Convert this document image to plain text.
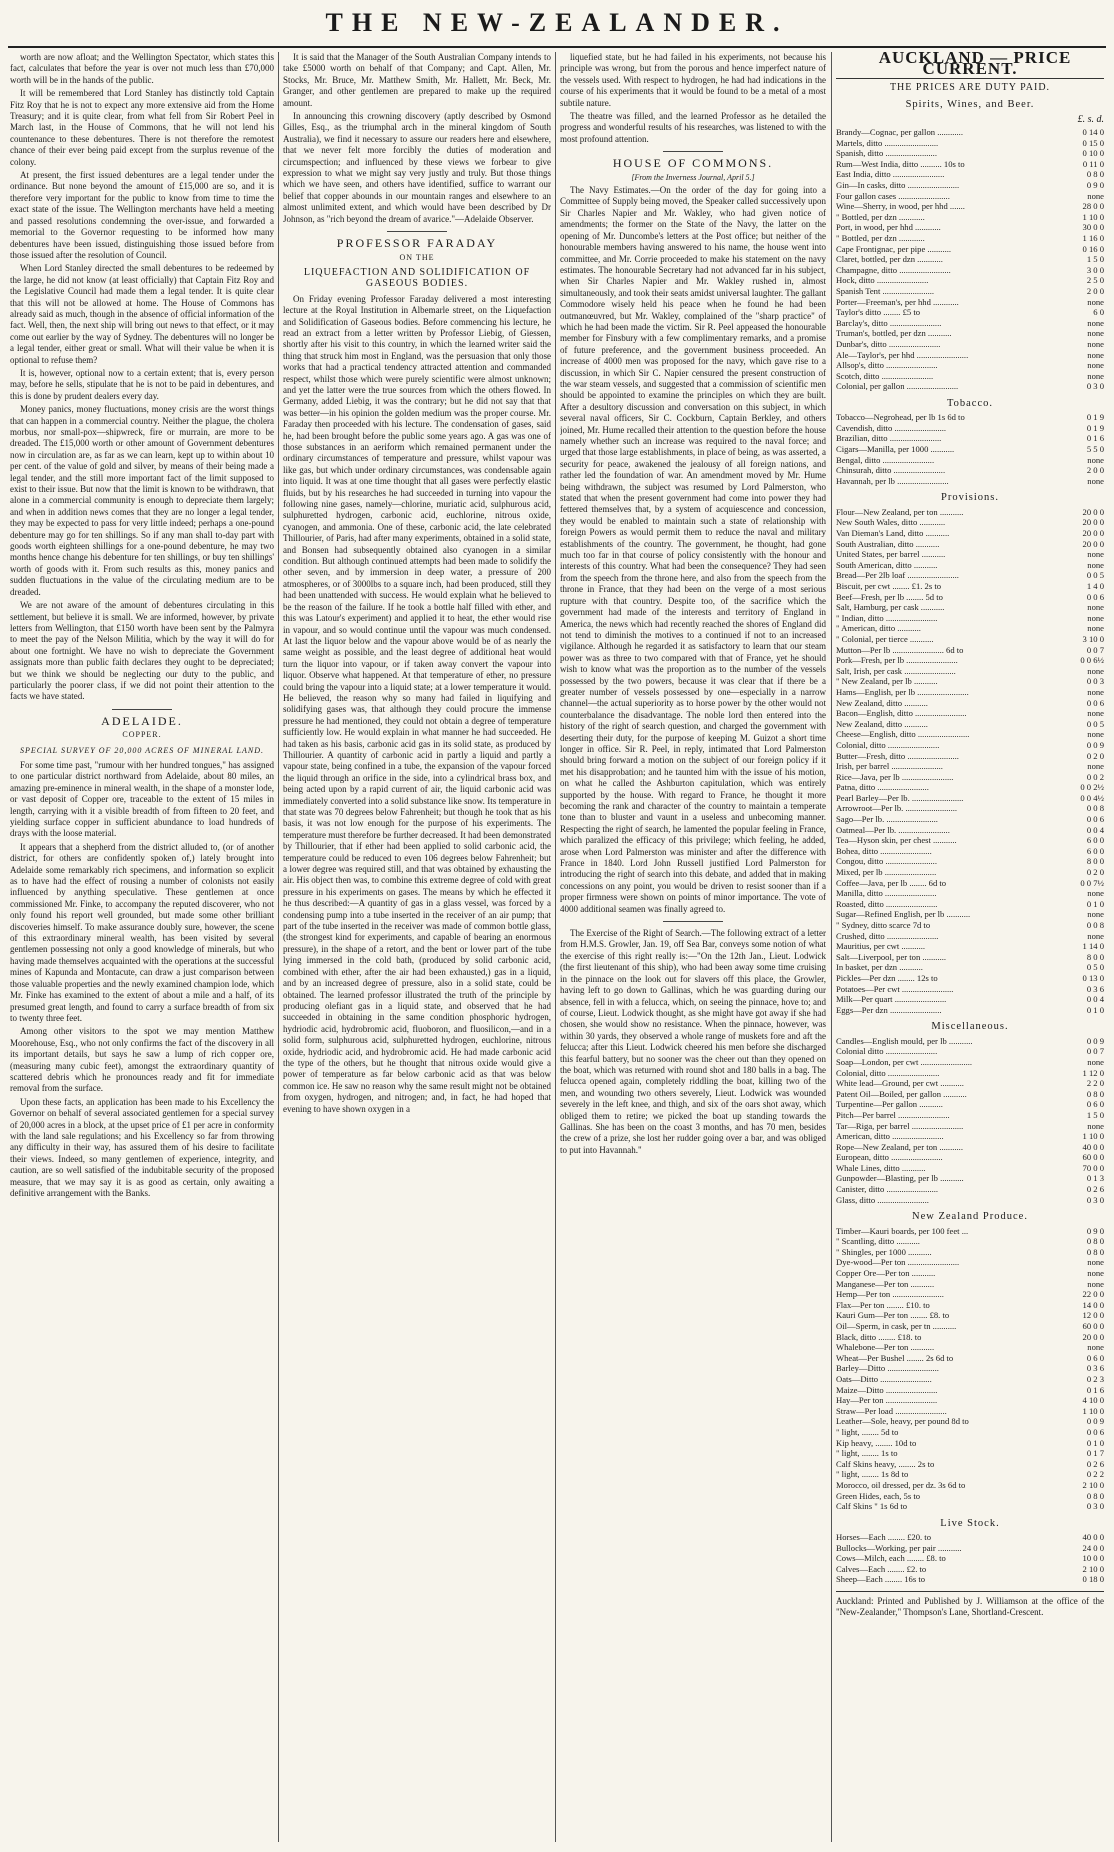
THE NEW-ZEALANDER.

worth are now afloat; and the Wellington Spectator, which states this fact, calculates that before the year is over not much less than £70,000 worth will be in the hands of the public.

It will be remembered that Lord Stanley has distinctly told Captain Fitz Roy that he is not to expect any more extensive aid from the Home Treasury; and it is quite clear, from what fell from Sir Robert Peel in March last, in the House of Commons, that he will not lend his countenance to these debentures. There is not therefore the remotest chance of their ever being paid except from the surplus revenue of the colony.

At present, the first issued debentures are a legal tender under the ordinance. But none beyond the amount of £15,000 are so, and it is therefore very important for the public to know from time to time the exact state of the issue. The Wellington merchants have held a meeting and passed resolutions condemning the over-issue, and forwarded a memorial to the Governor requesting to be informed how many debentures have been issued, distinguishing those issued before from those issued after the resolution of Council.

When Lord Stanley directed the small debentures to be redeemed by the large, he did not know (at least officially) that Captain Fitz Roy and the Legislative Council had made them a legal tender. It is quite clear that this will not be allowed at home. The House of Commons has already said as much, though in the absence of official information of the fact. Well, then, the next ship will bring out news to that effect, or it may come out earlier by the way of Sydney. The debentures will no longer be a legal tender, either great or small. What will their value be when it is optional to refuse them?

It is, however, optional now to a certain extent; that is, every person may, before he sells, stipulate that he is not to be paid in debentures, and this is done by prudent dealers every day.

Money panics, money fluctuations, money crisis are the worst things that can happen in a commercial country. Neither the plague, the cholera morbus, nor small-pox—shipwreck, fire or murrain, are more to be dreaded. The £15,000 worth or other amount of Government debentures now in circulation are, as far as we can learn, kept up to within about 10 per cent. of the value of gold and silver, by means of their being made a legal tender, and the still more important fact of the limit supposed to exist to their issue. But now that the limit is known to be withdrawn, that alone in a commercial community is enough to depreciate them largely; and when in addition news comes that they are no longer a legal tender, they may be expected to pass for very little indeed; perhaps a one-pound debenture may go for ten shillings. So if any man shall to-day part with goods worth eighteen shillings for a one-pound debenture, he may two months hence change his debenture for ten shillings, or buy ten shillings' worth of goods with it. From such results as this, money panics and sudden fluctuations in the value of the circulating medium are to be dreaded.

We are not aware of the amount of debentures circulating in this settlement, but believe it is small. We are informed, however, by private letters from Wellington, that £150 worth have been sent by the Palmyra to meet the pay of the Nelson Militia, which by the way it will do for about one fortnight. We have no wish to depreciate the Government assignats more than public faith declares they ought to be depreciated; but we think we should be neglecting our duty to the public, and particularly the poorer class, if we did not point their attention to the facts we have stated.

ADELAIDE.

COPPER.
SPECIAL SURVEY OF 20,000 ACRES OF MINERAL LAND.

For some time past, "rumour with her hundred tongues," has assigned to one particular district northward from Adelaide, about 80 miles, an amazing pre-eminence in mineral wealth, in the shape of a monster lode, or vast deposit of Copper ore, traceable to the extent of 15 miles in length, carrying with it a visible breadth of from fifteen to 20 feet, and yielding surface copper in sufficient abundance to load hundreds of drays with the loose material.

It appears that a shepherd from the district alluded to, (or of another district, for others are confidently spoken of,) lately brought into Adelaide some remarkably rich specimens, and information so explicit as to have had the effect of rousing a number of colonists not easily influenced by anything speculative. These gentlemen at once commissioned Mr. Finke, to accompany the reputed discoverer, who not only found his report well grounded, but made some other brilliant discoveries himself. To make assurance doubly sure, however, the scene of this extraordinary mineral wealth, has been visited by several gentlemen possessing not only a good knowledge of minerals, but who having made themselves acquainted with the operations at the successful mines of Kapunda and Montacute, can draw a just comparison between those valuable properties and the newly examined champion lode, which Mr. Finke has examined to the extent of about a mile and a half, of its presumed great length, and found to carry a surface breadth of from six to twenty three feet.

Among other visitors to the spot we may mention Matthew Moorehouse, Esq., who not only confirms the fact of the discovery in all its important details, but says he saw a lump of rich copper ore, (measuring many cubic feet), amongst the extraordinary quantity of scattered debris which he pronounces ready and fit for immediate removal from the surface.

Upon these facts, an application has been made to his Excellency the Governor on behalf of several associated gentlemen for a special survey of 20,000 acres in a block, at the upset price of £1 per acre in conformity with the land sale regulations; and his Excellency so far from throwing any difficulty in their way, has assured them of his desire to facilitate their views. Indeed, so many gentlemen of experience, integrity, and caution, are so well satisfied of the indubitable security of the proposed measure, that we may say it is as good as certain, only awaiting a definitive arrangement with the Banks.

It is said that the Manager of the South Australian Company intends to take £5000 worth on behalf of that Company; and Capt. Allen, Mr. Stocks, Mr. Bruce, Mr. Matthew Smith, Mr. Hallett, Mr. Beck, Mr. Granger, and other gentlemen are prepared to make up the required amount.

In announcing this crowning discovery (aptly described by Osmond Gilles, Esq., as the triumphal arch in the mineral kingdom of South Australia), we find it necessary to assure our readers here and elsewhere, that we never felt more forcibly the duties of moderation and circumspection; and influenced by these views we forbear to give expression to what we might say very justly and truly. But those things which we have seen, and others have identified, suffice to warrant our belief that copper abounds in our mountain ranges and elsewhere to an almost unlimited extent, and which would have been described by Dr Johnson, as "rich beyond the dream of avarice."—Adelaide Observer.

PROFESSOR FARADAY

ON THE
LIQUEFACTION AND SOLIDIFICATION OF GASEOUS BODIES.

On Friday evening Professor Faraday delivered a most interesting lecture at the Royal Institution in Albemarle street, on the Liquefaction and Solidification of Gaseous bodies. Before commencing his lecture, he read an extract from a letter written by Professor Liebig, of Giessen, shortly after his visit to this country, in which the learned writer said the thing that struck him most in England, was the persuasion that only those works that had a practical tendency attracted attention and commanded respect, whilst those which were purely scientific were almost unknown; and yet the latter were the true sources from which the others flowed. In Germany, added Liebig, it was the contrary; but he did not say that that was better—in his opinion the golden medium was the proper course. Mr. Faraday then proceeded with his lecture. The condensation of gases, said he, had been brought before the public some years ago. A gas was one of those substances in an aeriform which remained permanent under the ordinary circumstances of temperature and pressure, whilst vapour was like gas, but which under ordinary circumstances, was condensable again into liquid. It was at one time thought that all gases were perfectly elastic fluids, but by his researches he had succeeded in turning into vapour the following nine gases, namely—chlorine, muriatic acid, sulphurous acid, sulphuretted hydrogen, carbonic acid, euchlorine, nitrous oxide, cyanogen, and ammonia. One of these, carbonic acid, the late celebrated Thillourier, of Paris, had after many experiments, obtained in a solid state, and Bonsen had subsequently obtained also cyanogen in a similar condition. But although continued attempts had been made to solidify the other seven, and by immersion in deep water, a pressure of 200 atmospheres, or of 3000lbs to a square inch, had been produced, still they had been unattended with success. He would explain what he believed to be the reason of the failure. If he took a bottle half filled with ether, and this was Latour's experiment) and applied it to heat, the ether would rise in vapour, and so would continue until the vapour was much condensed. At last the liquor below and the vapour above would be of as nearly the same weight as possible, and the least degree of additional heat would turn the liquor into vapour, or if taken away convert the vapour into liquor. Observe what happened. At that temperature of ether, no pressure could bring the vapour into a liquid state; at a lower temperature it would. He believed, the reason why so many had failed in liquifying and solidifying gases was, that although they could procure the immense pressure he had mentioned, they could not obtain a degree of temperature sufficiently low. He would explain in what manner he had succeeded. He had taken as his basis, carbonic acid gas in its solid state, as produced by Thillourier. A quantity of carbonic acid in partly a liquid and partly a vapour state, being confined in a tube, the expansion of the vapour forced the liquid through an orifice in the side, into a cylindrical brass box, and being acted upon by a rapid current of air, the liquid carbonic acid was immediately converted into a solid substance like snow. Its temperature in that state was 70 degrees below Fahrenheit; but though he took that as his basis, it was not low enough for the purpose of his experiments. The temperature must therefore be further decreased. It had been demonstrated by Thillourier, that if ether had been applied to solid carbonic acid, the temperature could be reduced to even 106 degrees below Fahrenheit; but a lower degree was required still, and that was obtained by exhausting the air. His object then was, to combine this extreme degree of cold with great pressure in his experiments on gases. The means by which he effected it he thus described:—A quantity of gas in a glass vessel, was forced by a condensing pump into a tube inserted in the receiver of an air pump; that part of the tube inserted in the receiver was made of common bottle glass, (the strongest kind for experiments, and capable of bearing an enormous pressure), in the shape of a retort, and the bent or lower part of the tube lying immersed in the cold bath, (produced by solid carbonic acid, combined with ether, after the air had been exhausted,) gas in a liquid, and by an increased degree of pressure, also in a solid state, could be obtained. The learned professor illustrated the truth of the principle by producing olefiant gas in a liquid state, and observed that he had succeeded in obtaining in the same condition phosphoric hydrogen, hydriodic acid, hydrobromic acid, fluoboron, and fluosilicon,—and in a solid form, sulphurous acid, sulphuretted hydrogen, euchlorine, nitrous oxide, hydriodic acid, and hydrobromic acid. He had made carbonic acid the type of the others, but he thought that nitrous oxide would give a power of temperature as far below carbonic acid as that was below common ice. He saw no reason why the same result might not be obtained from oxygen, hydrogen, and nitrogen; and, in fact, he had hoped that evening to have shown oxygen in a

liquefied state, but he had failed in his experiments, not because his principle was wrong, but from the porous and hence imperfect nature of the vessels used. With respect to hydrogen, he had had indications in the course of his experiments that it would be found to be a metal of a most subtile nature.

The theatre was filled, and the learned Professor as he detailed the progress and wonderful results of his researches, was listened to with the most profound attention.

HOUSE OF COMMONS.

[From the Inverness Journal, April 5.]

The Navy Estimates.—On the order of the day for going into a Committee of Supply being moved, the Speaker called successively upon Sir Charles Napier and Mr. Wakley, who had given notice of amendments; the former on the State of the Navy, the latter on the opening of Mr. Duncombe's letters at the Post office; but neither of the honourable members having answered to his name, the house went into committee, and Mr. Corrie proceeded to make his statement on the navy estimates. The honourable Secretary had not advanced far in his subject, when Sir Charles Napier and Mr. Wakley rushed in, almost simultaneously, and took their seats amidst universal laughter. The gallant Commodore wisely held his peace when he found he had been outmanœuvred, but Mr. Wakley, complained of the "sharp practice" of which he had been made the victim. Sir R. Peel appeased the honourable member for Finsbury with a few complimentary remarks, and a promise of future preference, and the government business proceeded. An increase of 4000 men was proposed for the navy, which gave rise to a discussion, in which Sir C. Napier censured the present construction of the war steam vessels, and suggested that a commission of scientific men should be appointed to examine the principles on which they are built. After a desultory discussion and conversation on this subject, in which several naval officers, Sir C. Cockburn, Captain Berkley, and others joined, Mr. Hume recalled their attention to the question before the house namely whether such an increase was required to the naval force; and urged that those large establishments, in place of being, as was asserted, a security for peace, awakened the jealousy of all foreign nations, and rather led the foundation of war. An amendment moved by Mr. Hume being withdrawn, the subject was resumed by Lord Palmerston, who stated that when the present government had come into power they had fettered themselves that, by a system of acquiescence and concession, they would be enabled to maintain such a state of relationship with foreign Powers as would permit them to reduce the naval and military establishments of the country. The government, he thought, had gone much too far in that course of policy consistently with the honour and interests of this country. What had been the consequence? They had seen from the speech from the throne here, and also from the speech from the throne in France, that they had been on the verge of a most serious rupture with that country. Despite too, of the sacrifice which the government had made of the interests and territory of England in America, the news which had recently reached the shores of England did not tend to diminish the motives to a continued if not to an increased vigilance. Although he regarded it as satisfactory to learn that our steam power was as three to two compared with that of France, yet he should wish to know what was the proportion as to the number of the vessels possessed by the two powers, because it was clear that if there be a greater number of vessels possessed by one—especially in a narrow channel—the actual superiority as to horse power by the other would not counterbalance the disadvantage. The noble lord then entered into the history of the right of search question, and charged the government with deserting their duty, for the purpose of keeping M. Guizot a short time longer in office. Sir R. Peel, in reply, intimated that Lord Palmerston should bring forward a motion on the subject of our foreign policy if it met his disapprobation; and he taunted him with the issue of his motion, on what he called the Ashburton capitulation, which was entirely supported by the house. With regard to France, he thought it more becoming the rank and character of the country to maintain a temperate tone than to bluster and vaunt in a useless and unbecoming manner. Respecting the right of search, he lamented the popular feeling in France, which paralized the efficacy of this privilege; which feeling, he added, arose when Lord Palmerston was minister and after the difference with France in 1840. Lord John Russell justified Lord Palmerston for introducing the right of search into this debate, and added that in making concessions on any point, you would be driven to resist sooner than if a proper firmness were shown on points of minor importance. The vote of 4000 additional seamen was finally agreed to.

The Exercise of the Right of Search.—The following extract of a letter from H.M.S. Growler, Jan. 19, off Sea Bar, conveys some notion of what the exercise of this right really is:—"On the 12th Jan., Lieut. Lodwick (the first lieutenant of this ship), who had been away some time cruising in the pinnace on the look out for slavers off this place, the Growler, having left to go down to Gallinas, which he was guarding during our absence, fell in with a felucca, which, on seeing the pinnace, hove to; and of course, Lieut. Lodwick thought, as she might have got away if she had chosen, she would show no resistance. When the pinnace, however, was within 30 yards, they observed a whole range of muskets fore and aft the felucca; after this Lieut. Lodwick cheered his men before she discharged this fearful battery, but no sooner was the cheer out than they opened on the boat, which was returned with round shot and 180 balls in a bag. The felucca opened again, completely riddling the boat, killing two of the men, and wounding two others severely, Lieut. Lodwick was wounded severely in the left knee, and thigh, and six of the oars shot away, which obliged them to retire; we picked the boat up standing towards the Gallinas. She has been on the coast 3 months, and has 70 men, besides the crew of a prize, she lost her rudder going over a bar, and was obliged to put into Havannah."

AUCKLAND — PRICE CURRENT.

THE PRICES ARE DUTY PAID.
Spirits, Wines, and Beer.
£. s. d.
Brandy—Cognac, per gallon ............	0 14 0
Martels, ditto .........................	0 15 0
Spanish, ditto ........................	0 10 0
Rum—West India, ditto .......... 10s to	0 11 0
East India, ditto ........................	0 8 0
Gin—In casks, ditto ........................	0 9 0
Four gallon cases ........................	none
Wine—Sherry, in wood, per hhd .......	28 0 0
" Bottled, per dzn ............	1 10 0
Port, in wood, per hhd ............	30 0 0
" Bottled, per dzn ............	1 16 0
Cape Frontignac, per pipe ...........	0 16 0
Claret, bottled, per dzn ............	1 5 0
Champagne, ditto ........................	3 0 0
Hock, ditto ........................	2 5 0
Spanish Tent ........................	2 0 0
Porter—Freeman's, per hhd ............	none
Taylor's ditto ........ £5 to	6 0
Barclay's, ditto ........................	none
Truman's, bottled, per dzn ...........	none
Dunbar's, ditto ........................	none
Ale—Taylor's, per hhd ........................	none
Allsop's, ditto ........................	none
Scotch, ditto ........................	none
Colonial, per gallon ........................	0 3 0
Tobacco.
Tobacco—Negrohead, per lb 1s 6d to	0 1 9
Cavendish, ditto ........................	0 1 9
Brazilian, ditto ........................	0 1 6
Cigars—Manilla, per 1000 ...........	5 5 0
Bengal, ditto ........................	none
Chinsurah, ditto ........................	2 0 0
Havannah, per lb ........................	none
Provisions.
Flour—New Zealand, per ton ...........	20 0 0
New South Wales, ditto ............	20 0 0
Van Dieman's Land, ditto ...........	20 0 0
South Australian, ditto ...........	20 0 0
United States, per barrel ...........	none
South American, ditto ...........	none
Bread—Per 2lb loaf ........................	0 0 5
Biscuit, per cwt ........ £1. 2s to	1 4 0
Beef—Fresh, per lb ........ 5d to	0 0 6
Salt, Hamburg, per cask ...........	none
" Indian, ditto ........................	none
" American, ditto ...........	none
" Colonial, per tierce ...........	3 10 0
Mutton—Per lb ........................ 6d to	0 0 7
Pork—Fresh, per lb ........................	0 0 6½
Salt, Irish, per cask ........................	none
" New Zealand, per lb ...........	0 0 3
Hams—English, per lb ........................	none
New Zealand, ditto ...........	0 0 6
Bacon—English, ditto ........................	none
New Zealand, ditto ...........	0 0 5
Cheese—English, ditto ........................	none
Colonial, ditto ........................	0 0 9
Butter—Fresh, ditto ........................	0 2 0
Irish, per barrel ........................	none
Rice—Java, per lb ........................	0 0 2
Patna, ditto ........................	0 0 2½
Pearl Barley—Per lb. ........................	0 0 4½
Arrowroot—Per lb. ........................	0 0 8
Sago—Per lb. ........................	0 0 6
Oatmeal—Per lb. ........................	0 0 4
Tea—Hyson skin, per chest ...........	6 0 0
Bohea, ditto ........................	6 0 0
Congou, ditto ........................	8 0 0
Mixed, per lb ........................	0 2 0
Coffee—Java, per lb ........ 6d to	0 0 7½
Manilla, ditto ........................	none
Roasted, ditto ........................	0 1 0
Sugar—Refined English, per lb ...........	none
" Sydney, ditto scarce 7d to	0 0 8
Crushed, ditto ........................	none
Mauritius, per cwt ...........	1 14 0
Salt—Liverpool, per ton ...........	8 0 0
In basket, per dzn ...........	0 5 0
Pickles—Per dzn ........ 12s to	0 13 0
Potatoes—Per cwt ........................	0 3 6
Milk—Per quart ........................	0 0 4
Eggs—Per dzn ........................	0 1 0
Miscellaneous.
Candles—English mould, per lb ...........	0 0 9
Colonial ditto ........................	0 0 7
Soap—London, per cwt ........................	none
Colonial, ditto ........................	1 12 0
White lead—Ground, per cwt ...........	2 2 0
Patent Oil—Boiled, per gallon ...........	0 8 0
Turpentine—Per gallon ...........	0 6 0
Pitch—Per barrel ........................	1 5 0
Tar—Riga, per barrel ........................	none
American, ditto ........................	1 10 0
Rope—New Zealand, per ton ...........	40 0 0
European, ditto ........................	60 0 0
Whale Lines, ditto ...........	70 0 0
Gunpowder—Blasting, per lb ...........	0 1 3
Canister, ditto ........................	0 2 6
Glass, ditto ........................	0 3 0
New Zealand Produce.
Timber—Kauri boards, per 100 feet ...	0 9 0
" Scantling, ditto ...........	0 8 0
" Shingles, per 1000 ...........	0 8 0
Dye-wood—Per ton ........................	none
Copper Ore—Per ton ...........	none
Manganese—Per ton ...........	none
Hemp—Per ton ........................	22 0 0
Flax—Per ton ........ £10. to	14 0 0
Kauri Gum—Per ton ........ £8. to	12 0 0
Oil—Sperm, in cask, per tn ...........	60 0 0
Black, ditto ........ £18. to	20 0 0
Whalebone—Per ton ...........	none
Wheat—Per Bushel ........ 2s 6d to	0 6 0
Barley—Ditto ........................	0 3 6
Oats—Ditto ........................	0 2 3
Maize—Ditto ........................	0 1 6
Hay—Per ton ........................	4 10 0
Straw—Per load ........................	1 10 0
Leather—Sole, heavy, per pound 8d to	0 0 9
" light, ........ 5d to	0 0 6
Kip heavy, ........ 10d to	0 1 0
" light, ........ 1s to	0 1 7
Calf Skins heavy, ........ 2s to	0 2 6
" light, ........ 1s 8d to	0 2 2
Morocco, oil dressed, per dz. 3s 6d to	2 10 0
Green Hides, each, 5s to	0 8 0
Calf Skins " 1s 6d to	0 3 0
Live Stock.
Horses—Each ........ £20. to	40 0 0
Bullocks—Working, per pair ...........	24 0 0
Cows—Milch, each ........ £8. to	10 0 0
Calves—Each ........ £2. to	2 10 0
Sheep—Each ........ 16s to	0 18 0
Auckland: Printed and Published by J. Williamson at the office of the "New-Zealander," Thompson's Lane, Shortland-Crescent.
